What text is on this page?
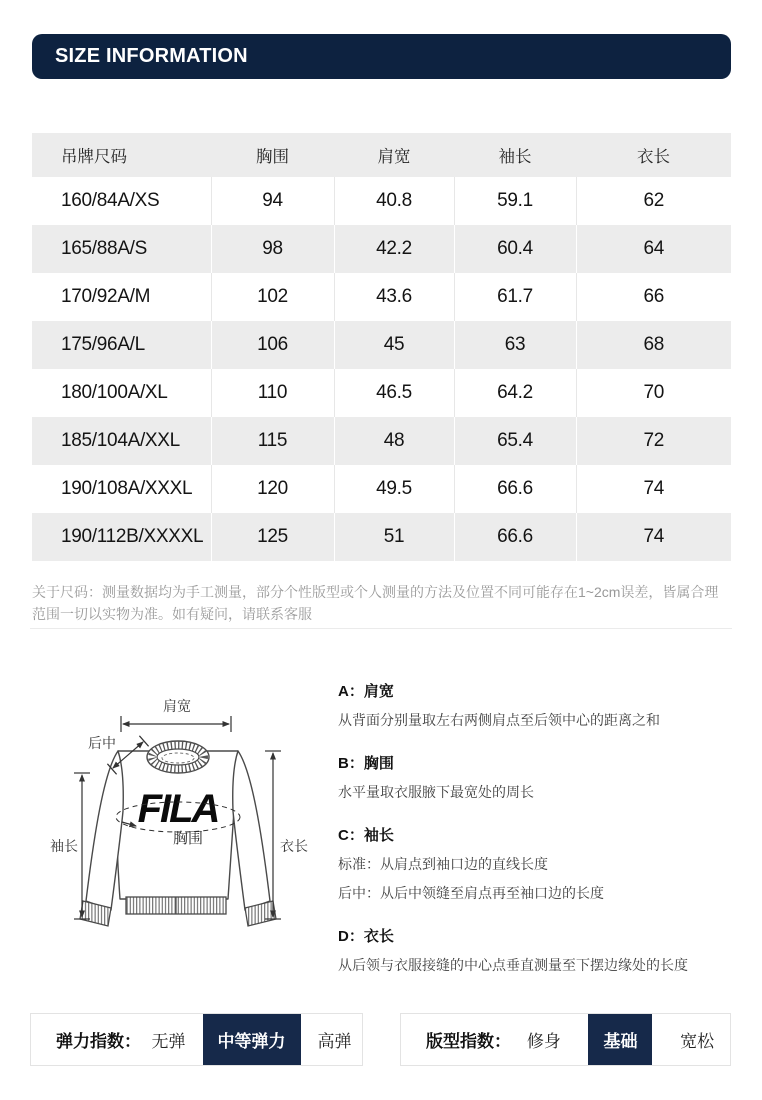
SIZE INFORMATION
吊牌尺码	胸围	肩宽	袖长	衣长
160/84A/XS	94	40.8	59.1	62
165/88A/S	98	42.2	60.4	64
170/92A/M	102	43.6	61.7	66
175/96A/L	106	45	63	68
180/100A/XL	110	46.5	64.2	70
185/104A/XXL	115	48	65.4	72
190/108A/XXXL	120	49.5	66.6	74
190/112B/XXXXL	125	51	66.6	74

关于尺码：测量数据均为手工测量，部分个性版型或个人测量的方法及位置不同可能存在1~2cm误差，皆属合理范围一切以实物为准。如有疑问，请联系客服

FILA
胸围
肩宽
后中
袖长	衣长
A：肩宽

从背面分别量取左右两侧肩点至后领中心的距离之和

B：胸围

水平量取衣服腋下最宽处的周长

C：袖长

标准：从肩点到袖口边的直线长度

后中：从后中领缝至肩点再至袖口边的长度

D：衣长

从后领与衣服接缝的中心点垂直测量至下摆边缘处的长度

弹力指数： 无弹	中等弹力	高弹	版型指数： 修身	基础	宽松
